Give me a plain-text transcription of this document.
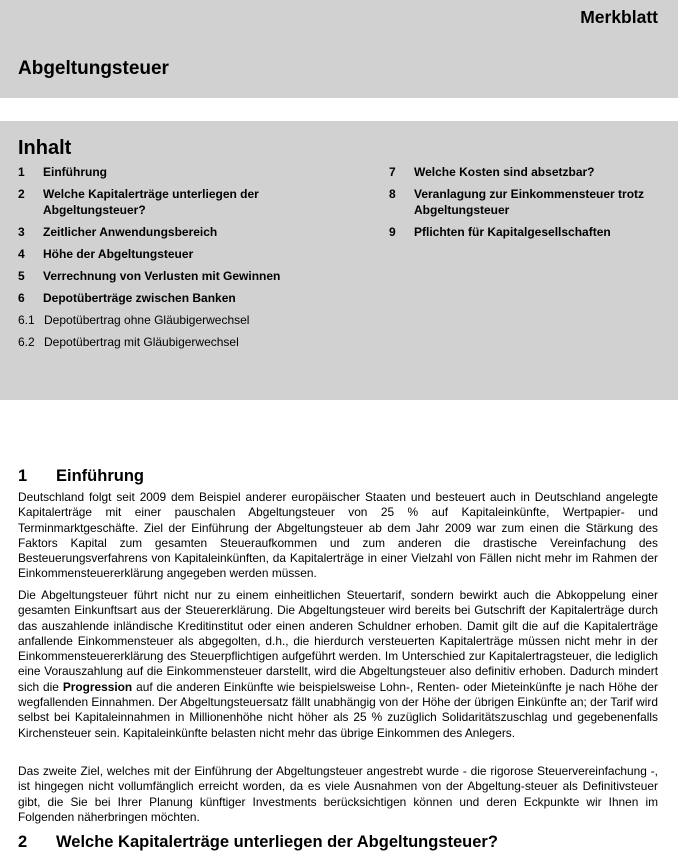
Merkblatt
Abgeltungsteuer
Inhalt
1 Einführung
2 Welche Kapitalerträge unterliegen der
Abgeltungsteuer?
3 Zeitlicher Anwendungsbereich
4 Höhe der Abgeltungsteuer
5 Verrechnung von Verlusten mit Gewinnen
6 Depotüberträge zwischen Banken
6.1 Depotübertrag ohne Gläubigerwechsel
6.2 Depotübertrag mit Gläubigerwechsel
7 Welche Kosten sind absetzbar?
8 Veranlagung zur Einkommensteuer trotz
Abgeltungsteuer
9 Pflichten für Kapitalgesellschaften
1 Einführung

Deutschland folgt seit 2009 dem Beispiel anderer europäischer Staaten und besteuert auch in Deutschland angelegte Kapitalerträge mit einer pauschalen Abgeltungsteuer von 25 % auf Kapitaleinkünfte, Wertpapier- und Terminmarktgeschäfte. Ziel der Einführung der Abgeltungsteuer ab dem Jahr 2009 war zum einen die Stärkung des Faktors Kapital zum gesamten Steueraufkommen und zum anderen die drastische Vereinfachung des Besteuerungsverfahrens von Kapitaleinkünften, da Kapitalerträge in einer Vielzahl von Fällen nicht mehr im Rahmen der Einkommensteuererklärung angegeben werden müssen.

Die Abgeltungsteuer führt nicht nur zu einem einheitlichen Steuertarif, sondern bewirkt auch die Abkoppelung einer gesamten Einkunftsart aus der Steuererklärung. Die Abgeltungsteuer wird bereits bei Gutschrift der Kapitalerträge durch das auszahlende inländische Kreditinstitut oder einen anderen Schuldner erhoben. Damit gilt die auf die Kapitalerträge anfallende Einkommensteuer als abgegolten, d.h., die hierdurch versteuerten Kapitalerträge müssen nicht mehr in der Einkommensteuererklärung des Steuerpflichtigen aufgeführt werden. Im Unterschied zur Kapitalertragsteuer, die lediglich eine Vorauszahlung auf die Einkommensteuer darstellt, wird die Abgeltungsteuer also definitiv erhoben. Dadurch mindert sich die Progression auf die anderen Einkünfte wie beispielsweise Lohn-, Renten- oder Mieteinkünfte je nach Höhe der wegfallenden Einnahmen. Der Abgeltungsteuersatz fällt unabhängig von der Höhe der übrigen Einkünfte an; der Tarif wird selbst bei Kapitaleinnahmen in Millionenhöhe nicht höher als 25 % zuzüglich Solidaritätszuschlag und gegebenenfalls Kirchensteuer sein. Kapitaleinkünfte belasten nicht mehr das übrige Einkommen des Anlegers.

Das zweite Ziel, welches mit der Einführung der Abgeltungsteuer angestrebt wurde - die rigorose Steuervereinfachung -, ist hingegen nicht vollumfänglich erreicht worden, da es viele Ausnahmen von der Abgeltung-steuer als Definitivsteuer gibt, die Sie bei Ihrer Planung künftiger Investments berücksichtigen können und deren Eckpunkte wir Ihnen im Folgenden näherbringen möchten.

2 Welche Kapitalerträge unterliegen der Abgeltungsteuer?
